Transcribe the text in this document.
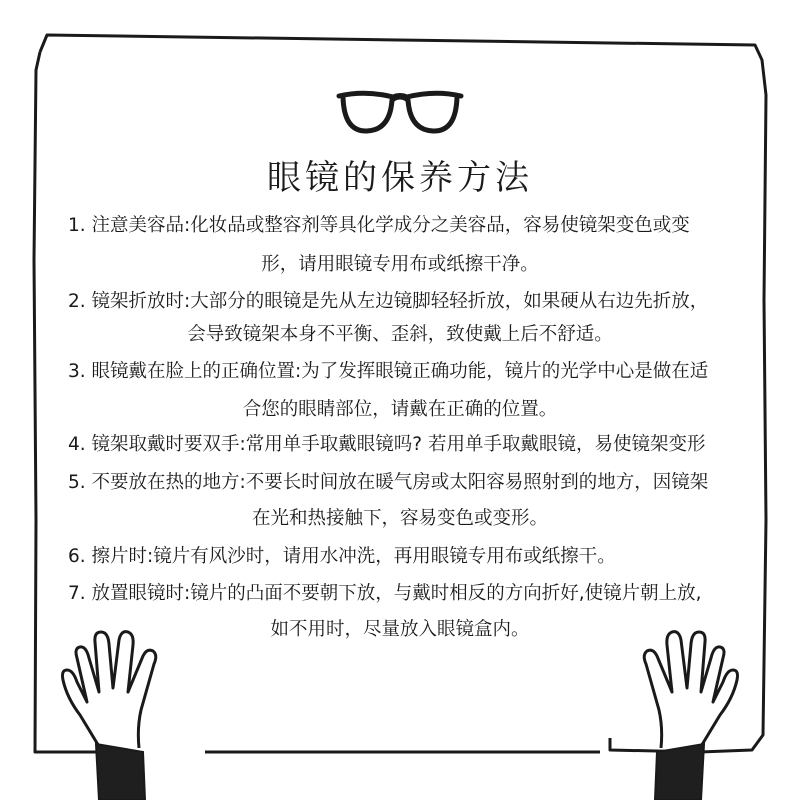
眼镜的保养方法
1. 注意美容品:化妆品或整容剂等具化学成分之美容品，容易使镜架变色或变
形，请用眼镜专用布或纸擦干净。
2. 镜架折放时:大部分的眼镜是先从左边镜脚轻轻折放，如果硬从右边先折放，
会导致镜架本身不平衡、歪斜，致使戴上后不舒适。
3. 眼镜戴在脸上的正确位置:为了发挥眼镜正确功能，镜片的光学中心是做在适
合您的眼睛部位，请戴在正确的位置。
4. 镜架取戴时要双手:常用单手取戴眼镜吗? 若用单手取戴眼镜，易使镜架变形
5. 不要放在热的地方:不要长时间放在暖气房或太阳容易照射到的地方，因镜架
在光和热接触下，容易变色或变形。
6. 擦片时:镜片有风沙时，请用水冲洗，再用眼镜专用布或纸擦干。
7. 放置眼镜时:镜片的凸面不要朝下放，与戴时相反的方向折好,使镜片朝上放,
如不用时，尽量放入眼镜盒内。
